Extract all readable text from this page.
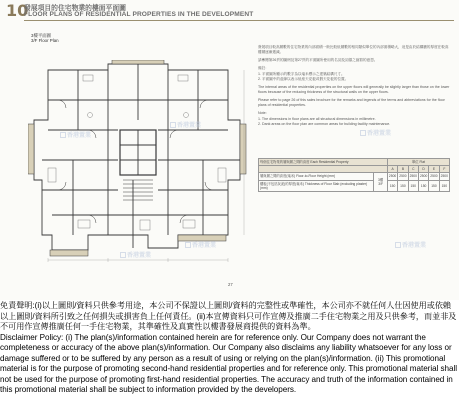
10
發展項目的住宅物業的樓面平面圖
FLOOR PLANS OF RESIDENTIAL PROPERTIES IN THE DEVELOPMENT
3樓平面圖
3/F Floor Plan
香港置業
香港置業
香港置業
香港置業
香港置業
香港置業

發展項目較高層數的住宅物業的內部面積一般比較低層數的相同類似單位的內部面積略大，這是由於結構牆的厚度在較高樓層逐漸遞減。

請參閱第26頁的圖例及第27頁的平面圖所使用的名詞及詞彙之縮寫的意思。

備註：
1. 平面圖所顯示的數字為以毫米標示之建築結構尺寸。
2. 平面圖中的虛線以表示低座天花板或假天花板的位置。

The internal areas of the residential properties on the upper floors will generally be slightly larger than those on the lower floors because of the reducing thickness of the structural walls on the upper floors.

Please refer to page 26 of this sales brochure for the remarks and legends of the terms and abbreviations for the floor plans of residential properties.

Note:
1. The dimensions in floor plans are all structural dimensions in millimetre.
2. Dank areas on the floor plan are common areas for building facility maintenance.
每個住宅物業的層與層之間的高度 Each Residential Property		單位 Flat					
		A	B	C	D	E	F
層與層之間的高度(毫米) Floor-to-Floor Height (mm)	3樓 3/F	2500	2500	2500	2500	2500	2500
樓板(不包括灰泥)的厚度(毫米) Thickness of Floor Slab (excluding plaster) (mm)		150	150	150	150	150	150
27
免責聲明:(i)以上圖則/資料只供參考用途，本公司不保證以上圖則/資料的完整性或準確性，本公司亦不就任何人仕因使用或依賴以上圖則/資料所引致之任何損失或損害負上任何責任。(ii)本宣傳資料只可作宣傳及推廣二手住宅物業之用及只供參考，而並非及不可用作宣傳推廣任何一手住宅物業，其準確性及真實性以樓書發展商提供的資料為準。
Disclaimer Policy: (i) The plan(s)/information contained herein are for reference only. Our Company does not warrant the completeness or accuracy of the above plan(s)/information. Our Company also disclaims any liability whatsoever for any loss or damage suffered or to be suffered by any person as a result of using or relying on the plan(s)/information. (ii) This promotional material is for the purpose of promoting second-hand residential properties and for reference only. This promotional material shall not be used for the purpose of promoting first-hand residential properties. The accuracy and truth of the information contained in this promotional material shall be subject to information provided by the developers.
